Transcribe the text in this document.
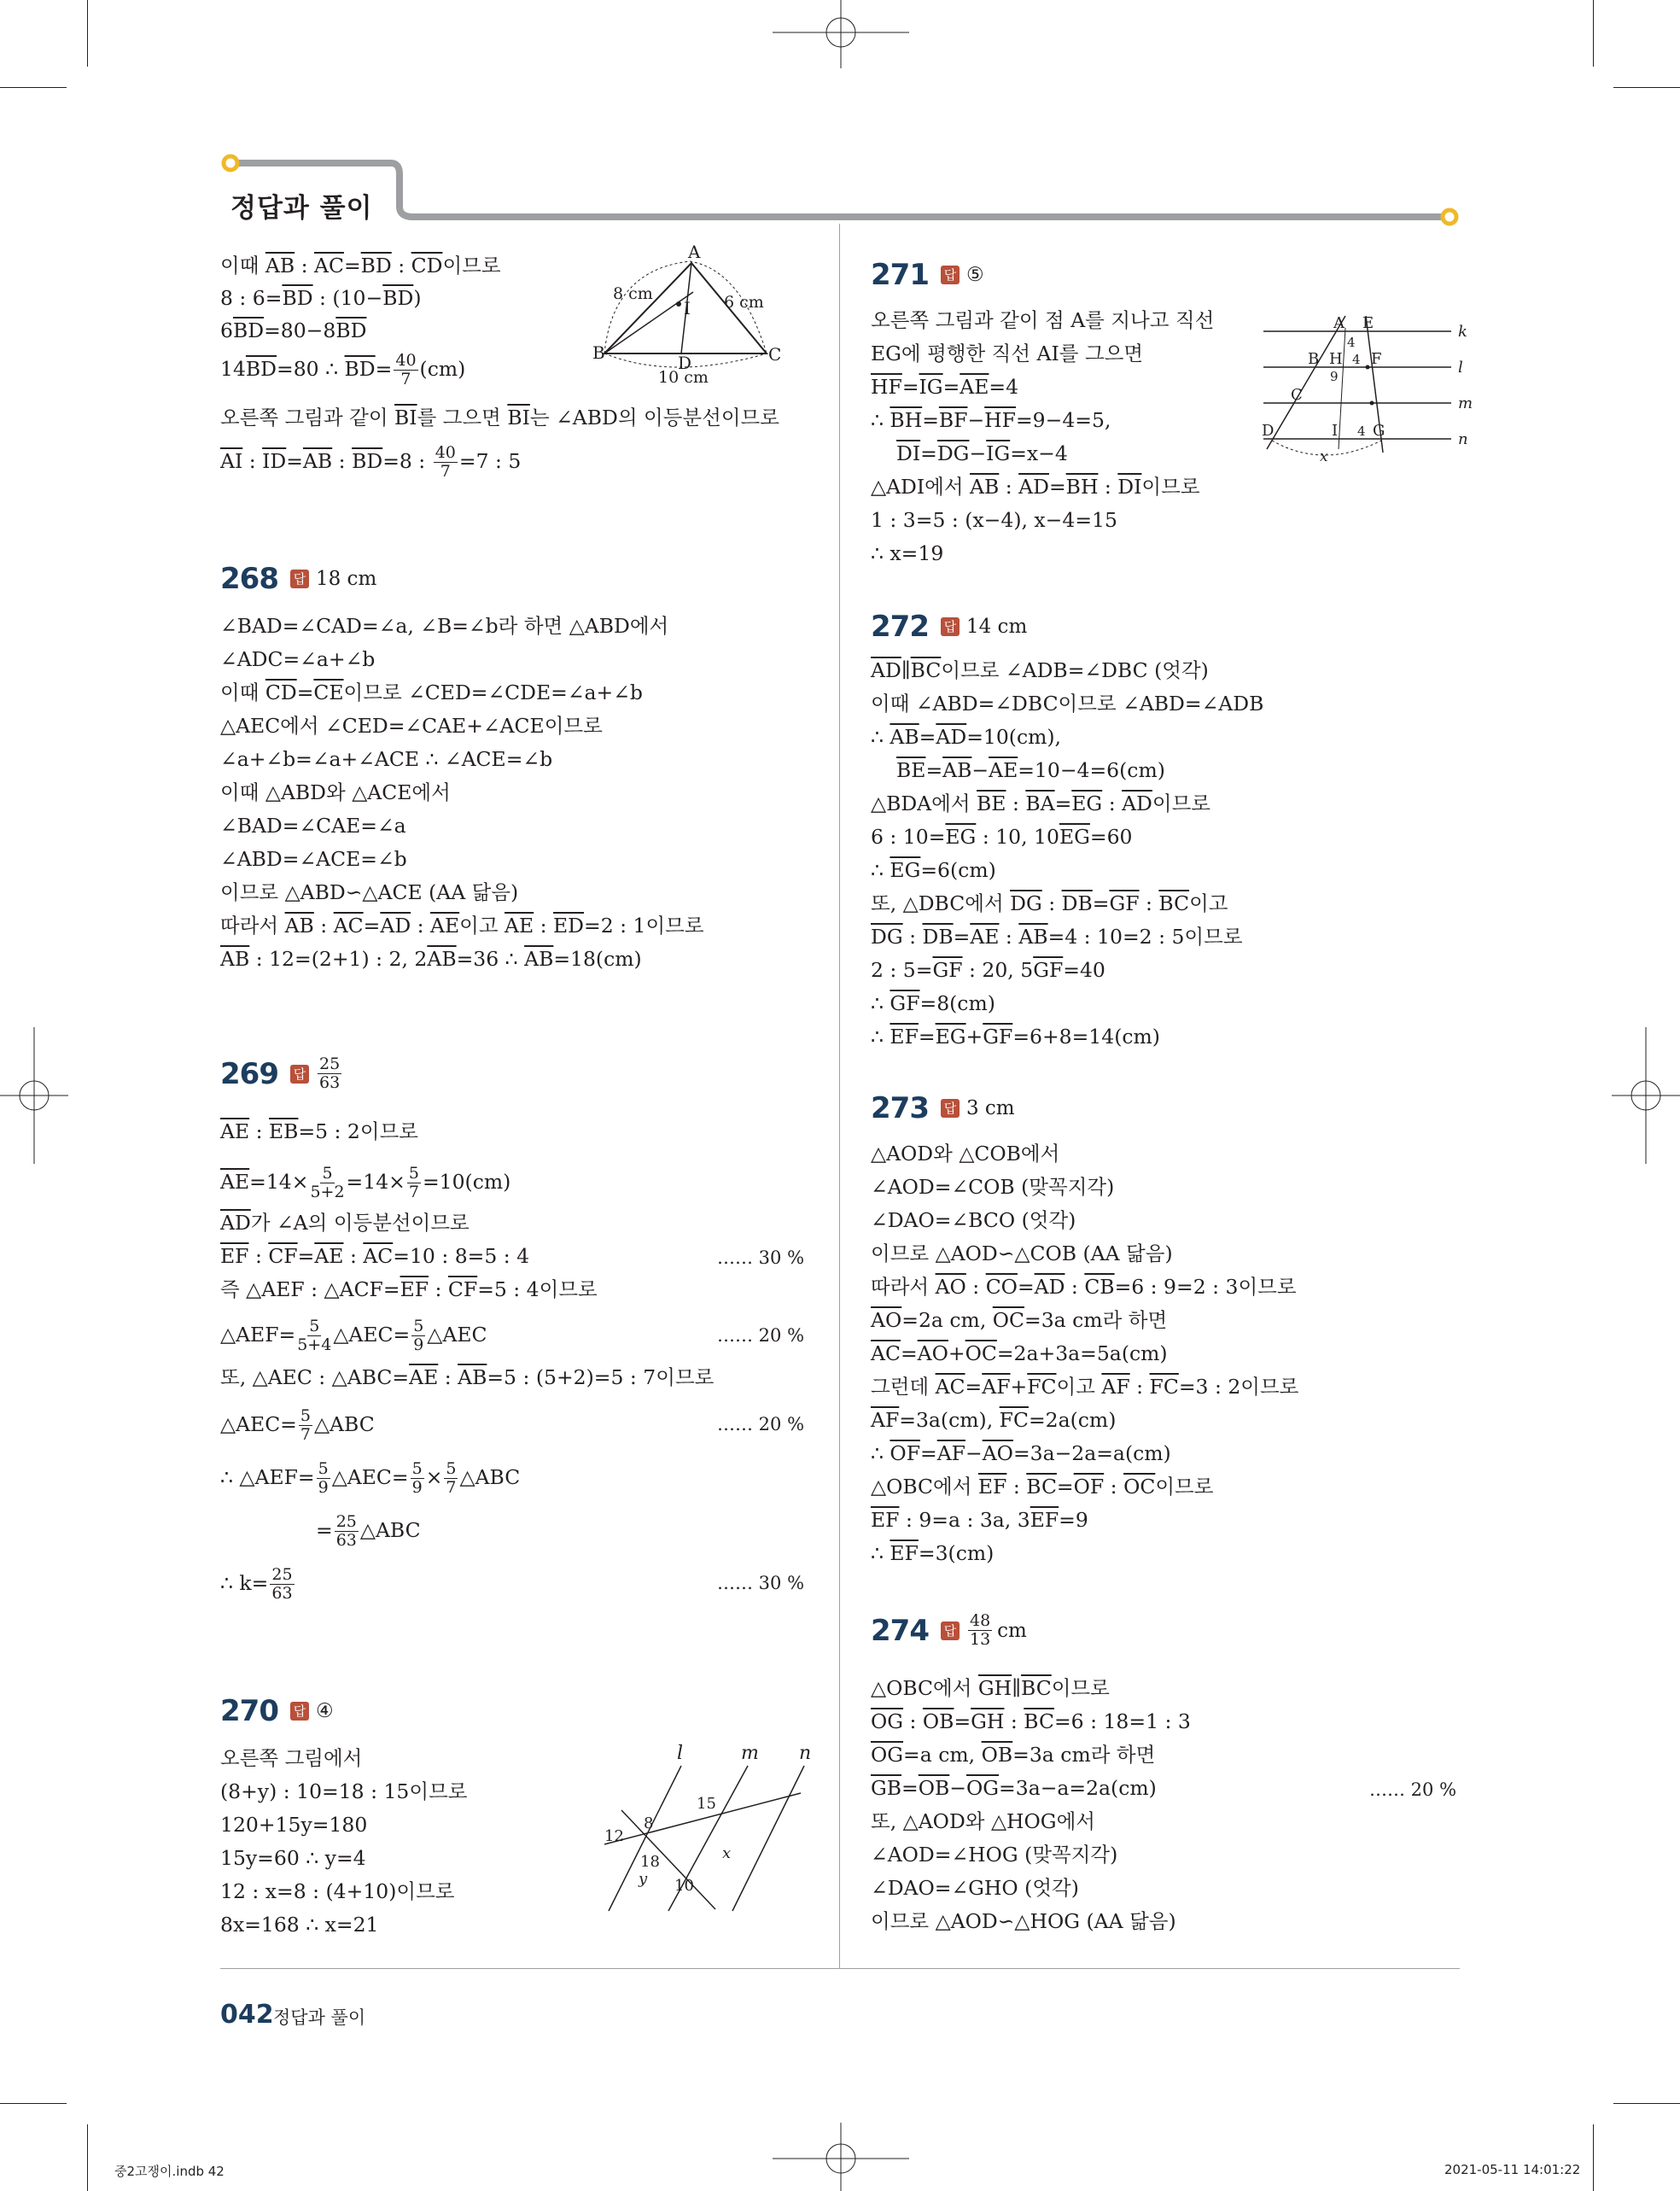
정답과 풀이
이때 $\overline{AB}$ : $\overline{AC}=\overline{BD}$ : $\overline{CD}$이므로
8 : $6=\overline{BD}$ : $(10-\overline{BD})$
$6\overline{BD}=80-8\overline{BD}$
$14\overline{BD}=80$ ∴ $\overline{BD}= \frac{40}{7} (cm)$
오른쪽 그림과 같이 $\overline{BI}$를 그으면 $\overline{BI}$는 ∠ABD의 이등분선이므로
$\overline{AI}$ : $\overline{ID}=\overline{AB}$ : $\overline{BD}=8$ : $\frac{40}{7} =7$ : 5
A
B	C
D
I
8 cm	6 cm
10 cm
268 답 18 cm
∠BAD=∠CAD=∠a, ∠B=∠b라 하면 △ABD에서
∠ADC=∠a+∠b
이때 $\overline{CD}=\overline{CE}$이므로 ∠CED=∠CDE=∠a+∠b
△AEC에서 ∠CED=∠CAE+∠ACE이므로
∠a+∠b=∠a+∠ACE ∴ ∠ACE=∠b
이때 △ABD와 △ACE에서
∠BAD=∠CAE=∠a
∠ABD=∠ACE=∠b
이므로 △ABD∽△ACE (AA 닮음)
따라서 $\overline{AB}$ : $\overline{AC}=\overline{AD}$ : $\overline{AE}$이고 $\overline{AE}$ : $\overline{ED}=2$ : 1이므로
$\overline{AB}$ : 12=(2+1) : 2, $2\overline{AB}=36$ ∴ $\overline{AB}=18(cm)$
269 답 $\frac{25}{63}$
$\overline{AE}$ : $\overline{EB}=5$ : 2이므로
$\overline{AE}=14\times \frac{5}{5+2} =14\times \frac{5}{7} =10(cm)$
$\overline{AD}$가 ∠A의 이등분선이므로
$\overline{EF}$ : $\overline{CF}=\overline{AE}$ : $\overline{AC}=10$ : 8=5 : 4	…… 30 %
즉 △AEF : $\triangle ACF=\overline{EF}$ : $\overline{CF}=5$ : 4이므로
△AEF= $\frac{5}{5+4}$ △AEC= $\frac{5}{9}$ △AEC	…… 20 %
또, △AEC : $\triangle ABC=\overline{AE}$ : $\overline{AB}=5$ : (5+2)=5 : 7이므로
△AEC= $\frac{5}{7}$ △ABC	…… 20 %
∴ △AEF= $\frac{5}{9}$ △AEC= $\frac{5}{9} \times \frac{5}{7}$ △ABC
= $\frac{25}{63}$ △ABC
∴ $k= \frac{25}{63}$	…… 30 %
270 답 ④
오른쪽 그림에서
(8+y) : 10=18 : 15이므로
120+15y=180
15y=60 ∴ y=4
12 : x=8 : (4+10)이므로
8x=168 ∴ x=21
l	m n
12
8
15
18
y 10
x
271 답 ⑤
오른쪽 그림과 같이 점 A를 지나고 직선
EG에 평행한 직선 AI를 그으면
$\overline{HF}=\overline{IG}=\overline{AE}=4$
∴ $\overline{BH}=\overline{BF}-\overline{HF}=9-4=5$,
$\overline{DI}=\overline{DG}-\overline{IG}=x-4$
△ADI에서 $\overline{AB}$ : $\overline{AD}=\overline{BH}$ : $\overline{DI}$이므로
1 : 3=5 : (x−4), x−4=15
∴ x=19
A E	k
B H F	l
C	m
D	I G	n
4
4
4
9
x
272 답 14 cm
$\overline{AD}\parallel\overline{BC}$이므로 ∠ADB=∠DBC (엇각)
이때 ∠ABD=∠DBC이므로 ∠ABD=∠ADB
∴ $\overline{AB}=\overline{AD}=10(cm)$,
$\overline{BE}=\overline{AB}-\overline{AE}=10-4=6(cm)$
△BDA에서 $\overline{BE}$ : $\overline{BA}=\overline{EG}$ : $\overline{AD}$이므로
6 : $10=\overline{EG}$ : 10, $10\overline{EG}=60$
∴ $\overline{EG}=6(cm)$
또, △DBC에서 $\overline{DG}$ : $\overline{DB}=\overline{GF}$ : $\overline{BC}$이고
$\overline{DG}$ : $\overline{DB}=\overline{AE}$ : $\overline{AB}=4$ : 10=2 : 5이므로
2 : $5=\overline{GF}$ : 20, $5\overline{GF}=40$
∴ $\overline{GF}=8(cm)$
∴ $\overline{EF}=\overline{EG}+\overline{GF}=6+8=14(cm)$
273 답 3 cm
△AOD와 △COB에서
∠AOD=∠COB (맞꼭지각)
∠DAO=∠BCO (엇각)
이므로 △AOD∽△COB (AA 닮음)
따라서 $\overline{AO}$ : $\overline{CO}=\overline{AD}$ : $\overline{CB}=6$ : 9=2 : 3이므로
$\overline{AO}=2a$ cm, $\overline{OC}=3a$ cm라 하면
$\overline{AC}=\overline{AO}+\overline{OC}=2a+3a=5a(cm)$
그런데 $\overline{AC}=\overline{AF}+\overline{FC}$이고 $\overline{AF}$ : $\overline{FC}=3$ : 2이므로
$\overline{AF}=3a(cm)$, $\overline{FC}=2a(cm)$
∴ $\overline{OF}=\overline{AF}-\overline{AO}=3a-2a=a(cm)$
△OBC에서 $\overline{EF}$ : $\overline{BC}=\overline{OF}$ : $\overline{OC}$이므로
$\overline{EF}$ : 9=a : 3a, $3\overline{EF}=9$
∴ $\overline{EF}=3(cm)$
274 답 $\frac{48}{13}$ cm
△OBC에서 $\overline{GH}\parallel\overline{BC}$이므로
$\overline{OG}$ : $\overline{OB}=\overline{GH}$ : $\overline{BC}=6$ : 18=1 : 3
$\overline{OG}=a$ cm, $\overline{OB}=3a$ cm라 하면
$\overline{GB}=\overline{OB}-\overline{OG}=3a-a=2a(cm)$	…… 20 %
또, △AOD와 △HOG에서
∠AOD=∠HOG (맞꼭지각)
∠DAO=∠GHO (엇각)
이므로 △AOD∽△HOG (AA 닮음)
042 정답과 풀이
중2고쟁이.indb 42	2021-05-11 14:01:22
